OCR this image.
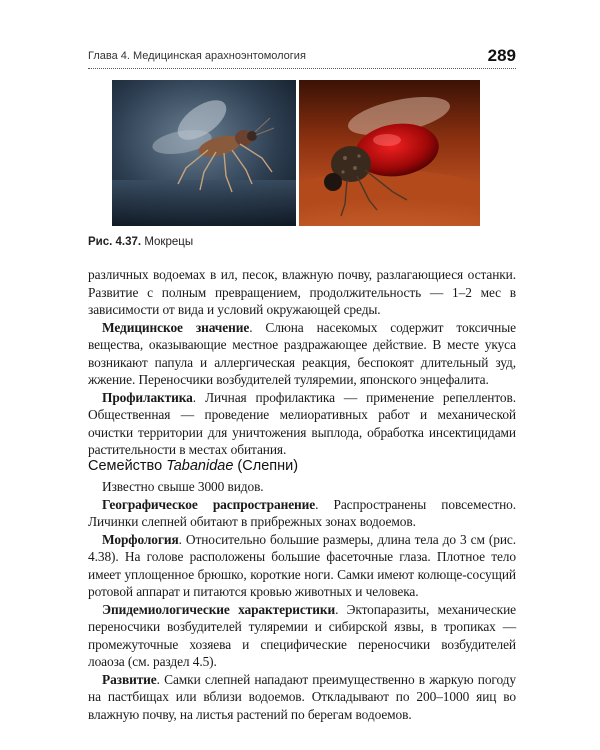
Глава 4. Медицинская арахноэнтомология	289
Рис. 4.37. Мокрецы

различных водоемах в ил, песок, влажную почву, разлагающиеся останки. Развитие с полным превращением, продолжительность — 1–2 мес в зависимости от вида и условий окружающей среды.

Медицинское значение. Слюна насекомых содержит токсичные вещества, оказывающие местное раздражающее действие. В месте укуса возникают папула и аллергическая реакция, беспокоят длительный зуд, жжение. Переносчики возбудителей туляремии, японского энцефалита.

Профилактика. Личная профилактика — применение репеллентов. Общественная — проведение мелиоративных работ и механической очистки территории для уничтожения выплода, обработка инсектицидами растительности в местах обитания.

Семейство Tabanidae (Слепни)

Известно свыше 3000 видов.

Географическое распространение. Распространены повсеместно. Личинки слепней обитают в прибрежных зонах водоемов.

Морфология. Относительно большие размеры, длина тела до 3 см (рис. 4.38). На голове расположены большие фасеточные глаза. Плотное тело имеет уплощенное брюшко, короткие ноги. Самки имеют колюще-сосущий ротовой аппарат и питаются кровью животных и человека.

Эпидемиологические характеристики. Эктопаразиты, механические переносчики возбудителей туляремии и сибирской язвы, в тропиках — промежуточные хозяева и специфические переносчики возбудителей лоаоза (см. раздел 4.5).

Развитие. Самки слепней нападают преимущественно в жаркую погоду на пастбищах или вблизи водоемов. Откладывают по 200–1000 яиц во влажную почву, на листья растений по берегам водоемов.
